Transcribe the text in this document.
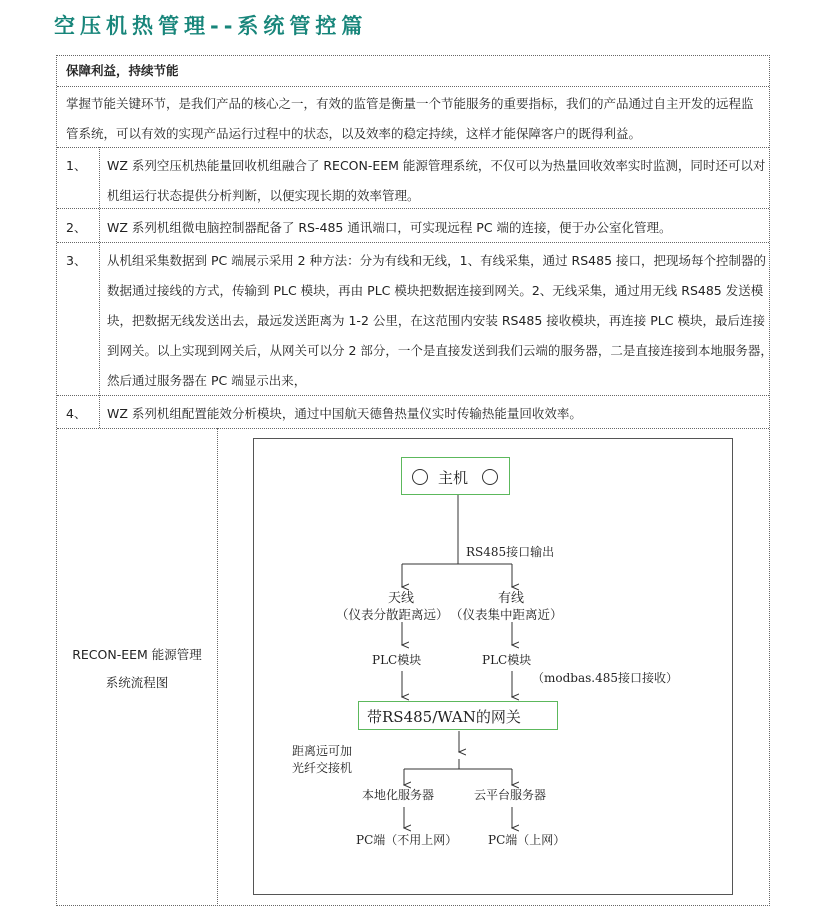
空压机热管理--系统管控篇
保障利益，持续节能
掌握节能关键环节，是我们产品的核心之一，有效的监管是衡量一个节能服务的重要指标，我们的产品通过自主开发的远程监
管系统，可以有效的实现产品运行过程中的状态，以及效率的稳定持续，这样才能保障客户的既得利益。
1、 WZ 系列空压机热能量回收机组融合了 RECON-EEM 能源管理系统，不仅可以为热量回收效率实时监测，同时还可以对
机组运行状态提供分析判断，以便实现长期的效率管理。
2、 WZ 系列机组微电脑控制器配备了 RS-485 通讯端口，可实现远程 PC 端的连接，便于办公室化管理。
3、 从机组采集数据到 PC 端展示采用 2 种方法：分为有线和无线，1、有线采集，通过 RS485 接口，把现场每个控制器的
数据通过接线的方式，传输到 PLC 模块，再由 PLC 模块把数据连接到网关。2、无线采集，通过用无线 RS485 发送模
块，把数据无线发送出去，最远发送距离为 1-2 公里，在这范围内安装 RS485 接收模块，再连接 PLC 模块，最后连接
到网关。以上实现到网关后，从网关可以分 2 部分，一个是直接发送到我们云端的服务器，二是直接连接到本地服务器，
然后通过服务器在 PC 端显示出来，
4、 WZ 系列机组配置能效分析模块，通过中国航天德鲁热量仪实时传输热能量回收效率。
RECON-EEM 能源管理
系统流程图
主机
RS485接口输出
天线
（仪表分散距离远）
有线
（仪表集中距离近）
PLC模块	PLC模块
（modbas.485接口接收）
带RS485/WAN的网关
距离远可加
光纤交接机
本地化服务器	云平台服务器
PC端（不用上网）	PC端（上网）
